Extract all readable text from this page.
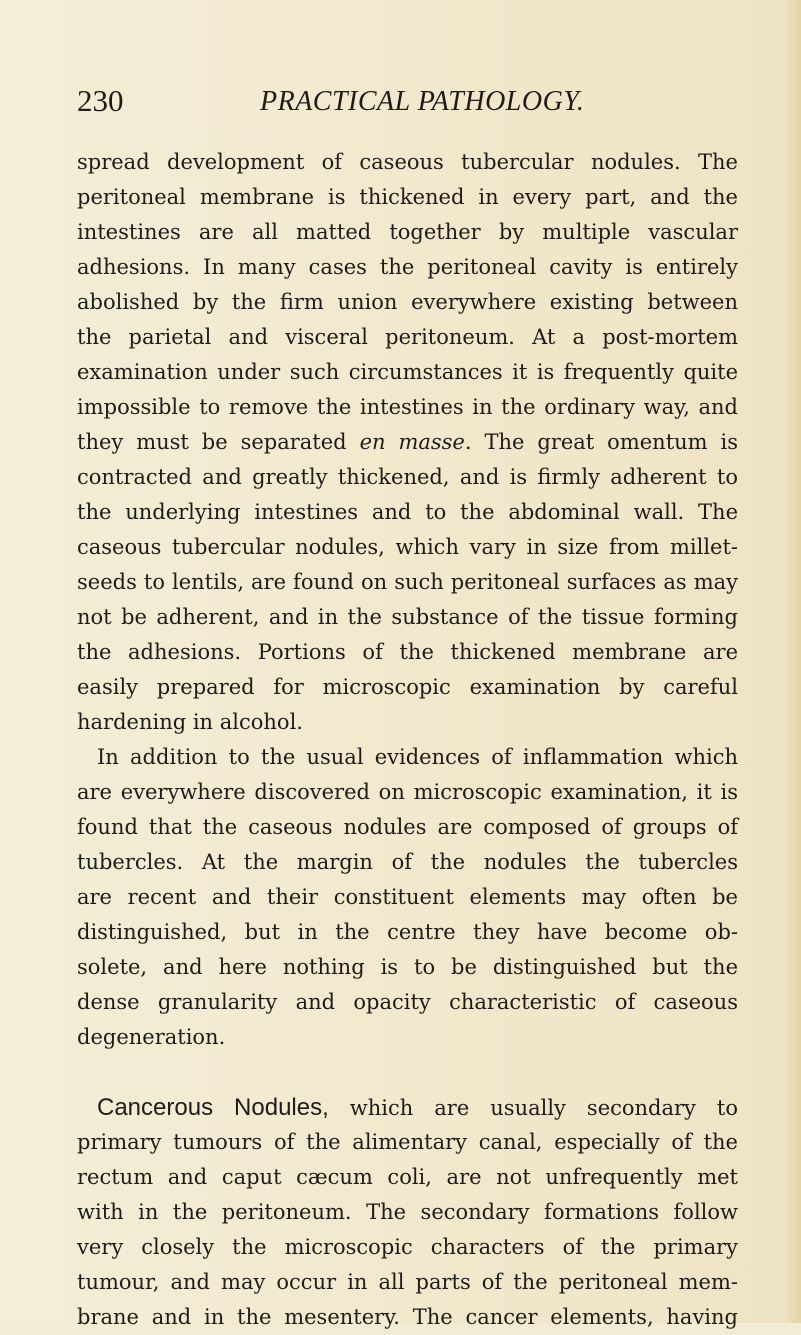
230	PRACTICAL PATHOLOGY.
spread development of caseous tubercular nodules. The
peritoneal membrane is thickened in every part, and the
intestines are all matted together by multiple vascular
adhesions. In many cases the peritoneal cavity is entirely
abolished by the firm union everywhere existing between
the parietal and visceral peritoneum. At a post-mortem
examination under such circumstances it is frequently quite
impossible to remove the intestines in the ordinary way, and
they must be separated en masse. The great omentum is
contracted and greatly thickened, and is firmly adherent to
the underlying intestines and to the abdominal wall. The
caseous tubercular nodules, which vary in size from millet-
seeds to lentils, are found on such peritoneal surfaces as may
not be adherent, and in the substance of the tissue forming
the adhesions. Portions of the thickened membrane are
easily prepared for microscopic examination by careful
hardening in alcohol.
In addition to the usual evidences of inflammation which
are everywhere discovered on microscopic examination, it is
found that the caseous nodules are composed of groups of
tubercles. At the margin of the nodules the tubercles
are recent and their constituent elements may often be
distinguished, but in the centre they have become ob-
solete, and here nothing is to be distinguished but the
dense granularity and opacity characteristic of caseous
degeneration.
Cancerous Nodules, which are usually secondary to
primary tumours of the alimentary canal, especially of the
rectum and caput cæcum coli, are not unfrequently met
with in the peritoneum. The secondary formations follow
very closely the microscopic characters of the primary
tumour, and may occur in all parts of the peritoneal mem-
brane and in the mesentery. The cancer elements, having
